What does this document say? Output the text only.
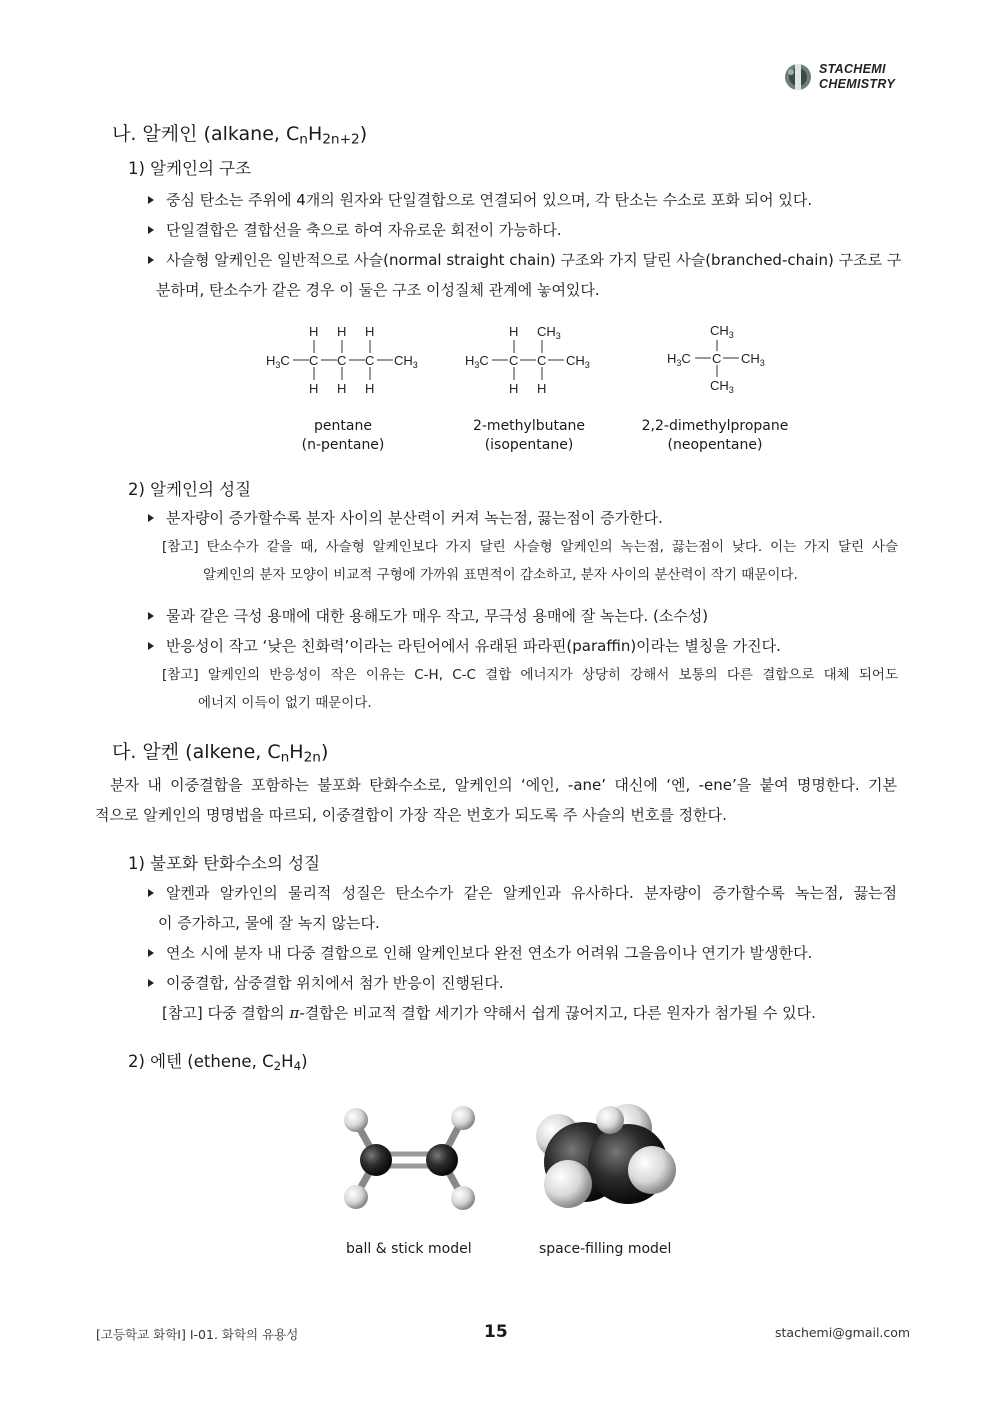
STACHEMI
CHEMISTRY
나. 알케인 (alkane, $C_nH_{2n+2}$)
1) 알케인의 구조
중심 탄소는 주위에 4개의 원자와 단일결합으로 연결되어 있으며, 각 탄소는 수소로 포화 되어 있다.
단일결합은 결합선을 축으로 하여 자유로운 회전이 가능하다.
사슬형 알케인은 일반적으로 사슬(normal straight chain) 구조와 가지 달린 사슬(branched-chain) 구조로 구
분하며, 탄소수가 같은 경우 이 둘은 구조 이성질체 관계에 놓여있다.
H H H
$H_3C$ C C C $CH_3$
H H H
H $CH_3$
$H_3C$ C C $CH_3$
H H
$CH_3$
$H_3C$ C $CH_3$
$CH_3$
pentane
(n-pentane)
2-methylbutane
(isopentane)
2,2-dimethylpropane
(neopentane)
2) 알케인의 성질
분자량이 증가할수록 분자 사이의 분산력이 커져 녹는점, 끓는점이 증가한다.
[참고] 탄소수가 같을 때, 사슬형 알케인보다 가지 달린 사슬형 알케인의 녹는점, 끓는점이 낮다. 이는 가지 달린 사슬
알케인의 분자 모양이 비교적 구형에 가까워 표면적이 감소하고, 분자 사이의 분산력이 작기 때문이다.
물과 같은 극성 용매에 대한 용해도가 매우 작고, 무극성 용매에 잘 녹는다. (소수성)
반응성이 작고 ‘낮은 친화력’이라는 라틴어에서 유래된 파라핀(paraffin)이라는 별칭을 가진다.
[참고] 알케인의 반응성이 작은 이유는 C-H, C-C 결합 에너지가 상당히 강해서 보통의 다른 결합으로 대체 되어도
에너지 이득이 없기 때문이다.
다. 알켄 (alkene, $C_nH_{2n}$)
분자 내 이중결합을 포함하는 불포화 탄화수소로, 알케인의 ‘에인, -ane’ 대신에 ‘엔, -ene’을 붙여 명명한다. 기본
적으로 알케인의 명명법을 따르되, 이중결합이 가장 작은 번호가 되도록 주 사슬의 번호를 정한다.
1) 불포화 탄화수소의 성질
알켄과 알카인의 물리적 성질은 탄소수가 같은 알케인과 유사하다. 분자량이 증가할수록 녹는점, 끓는점
이 증가하고, 물에 잘 녹지 않는다.
연소 시에 분자 내 다중 결합으로 인해 알케인보다 완전 연소가 어려워 그을음이나 연기가 발생한다.
이중결합, 삼중결합 위치에서 첨가 반응이 진행된다.
[참고] 다중 결합의 π-결합은 비교적 결합 세기가 약해서 쉽게 끊어지고, 다른 원자가 첨가될 수 있다.
2) 에텐 (ethene, $C_2H_4$)
ball & stick model	space-filling model
[고등학교 화학Ⅰ] I-01. 화학의 유용성	15	stachemi@gmail.com
